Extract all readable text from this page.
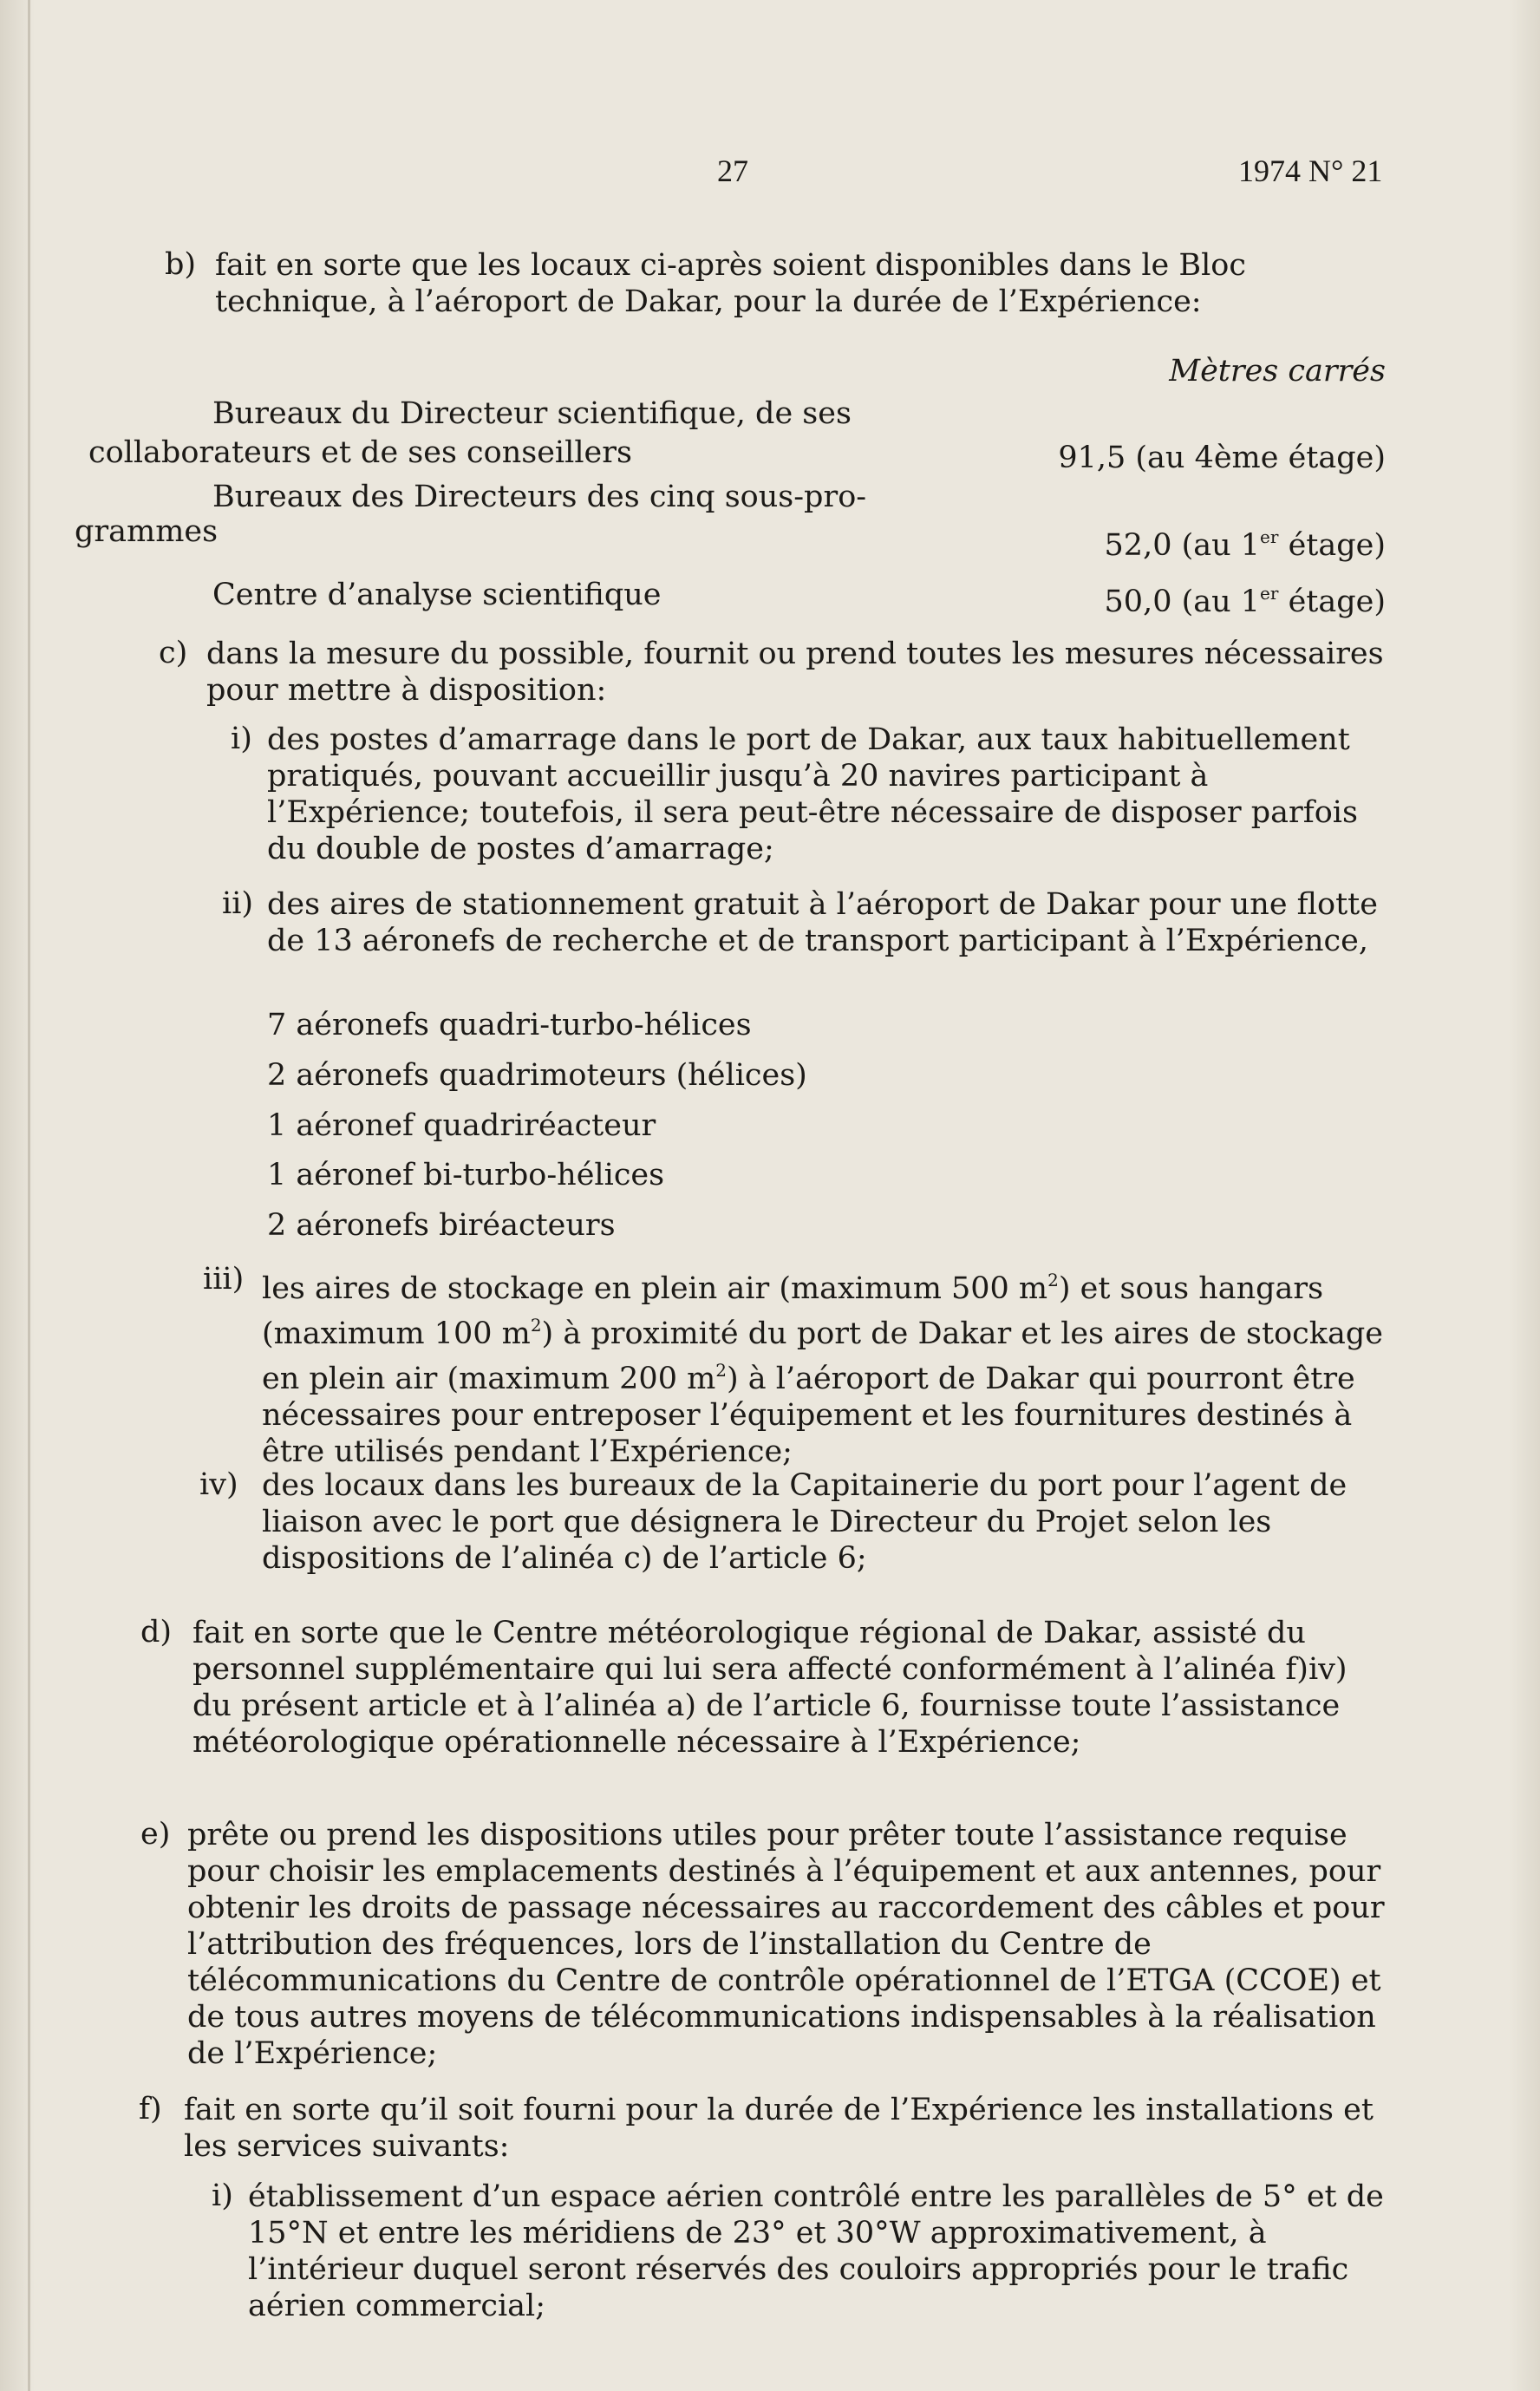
27	1974 N° 21
b) fait en sorte que les locaux ci-après soient disponibles dans le Bloc technique, à l’aéroport de Dakar, pour la durée de l’Expérience:
Mètres carrés
Bureaux du Directeur scientifique, de ses
collaborateurs et de ses conseillers	91,5 (au 4ème étage)
Bureaux des Directeurs des cinq sous-pro-
grammes	52,0 (au 1er étage)
Centre d’analyse scientifique	50,0 (au 1er étage)
c) dans la mesure du possible, fournit ou prend toutes les mesures nécessaires pour mettre à disposition:
i) des postes d’amarrage dans le port de Dakar, aux taux habituellement pratiqués, pouvant accueillir jusqu’à 20 navires participant à l’Expérience; toutefois, il sera peut-être nécessaire de disposer parfois du double de postes d’amarrage;
ii) des aires de stationnement gratuit à l’aéroport de Dakar pour une flotte de 13 aéronefs de recherche et de transport participant à l’Expérience,
7 aéronefs quadri-turbo-hélices
2 aéronefs quadrimoteurs (hélices)
1 aéronef quadriréacteur
1 aéronef bi-turbo-hélices
2 aéronefs biréacteurs
iii) les aires de stockage en plein air (maximum 500 $m^2$) et sous hangars (maximum 100 $m^2$) à proximité du port de Dakar et les aires de stockage en plein air (maximum 200 $m^2$) à l’aéroport de Dakar qui pourront être nécessaires pour entreposer l’équipement et les fournitures destinés à être utilisés pendant l’Expérience;
iv) des locaux dans les bureaux de la Capitainerie du port pour l’agent de liaison avec le port que désignera le Directeur du Projet selon les dispositions de l’alinéa c) de l’article 6;
d) fait en sorte que le Centre météorologique régional de Dakar, assisté du personnel supplémentaire qui lui sera affecté conformément à l’alinéa f)iv) du présent article et à l’alinéa a) de l’article 6, fournisse toute l’assistance météorologique opérationnelle nécessaire à l’Expérience;
e) prête ou prend les dispositions utiles pour prêter toute l’assistance requise pour choisir les emplacements destinés à l’équipement et aux antennes, pour obtenir les droits de passage nécessaires au raccordement des câbles et pour l’attribution des fréquences, lors de l’installation du Centre de télécommunications du Centre de contrôle opérationnel de l’ETGA (CCOE) et de tous autres moyens de télécommunications indispensables à la réalisation de l’Expérience;
f) fait en sorte qu’il soit fourni pour la durée de l’Expérience les installations et les services suivants:
i) établissement d’un espace aérien contrôlé entre les parallèles de 5° et de 15°N et entre les méridiens de 23° et 30°W approximativement, à l’intérieur duquel seront réservés des couloirs appropriés pour le trafic aérien commercial;
